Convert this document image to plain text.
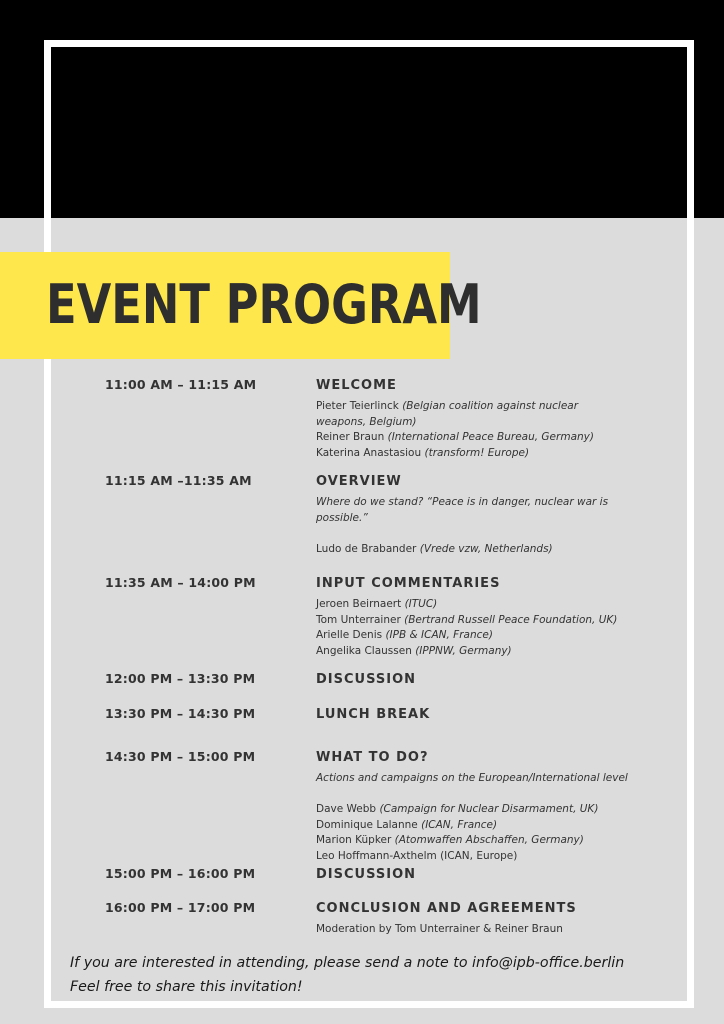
EVENT PROGRAM
11:00 AM – 11:15 AM	WELCOME
Pieter Teierlinck (Belgian coalition against nuclear
weapons, Belgium)
Reiner Braun (International Peace Bureau, Germany)
Katerina Anastasiou (transform! Europe)
11:15 AM –11:35 AM	OVERVIEW
Where do we stand? “Peace is in danger, nuclear war is
possible.”
Ludo de Brabander (Vrede vzw, Netherlands)
11:35 AM – 14:00 PM	INPUT COMMENTARIES
Jeroen Beirnaert (ITUC)
Tom Unterrainer (Bertrand Russell Peace Foundation, UK)
Arielle Denis (IPB & ICAN, France)
Angelika Claussen (IPPNW, Germany)
12:00 PM – 13:30 PM	DISCUSSION
13:30 PM – 14:30 PM	LUNCH BREAK
14:30 PM – 15:00 PM	WHAT TO DO?
Actions and campaigns on the European/International level
Dave Webb (Campaign for Nuclear Disarmament, UK)
Dominique Lalanne (ICAN, France)
Marion Küpker (Atomwaffen Abschaffen, Germany)
Leo Hoffmann-Axthelm (ICAN, Europe)
15:00 PM – 16:00 PM	DISCUSSION
16:00 PM – 17:00 PM	CONCLUSION AND AGREEMENTS
Moderation by Tom Unterrainer & Reiner Braun
If you are interested in attending, please send a note to info@ipb-office.berlin
Feel free to share this invitation!
